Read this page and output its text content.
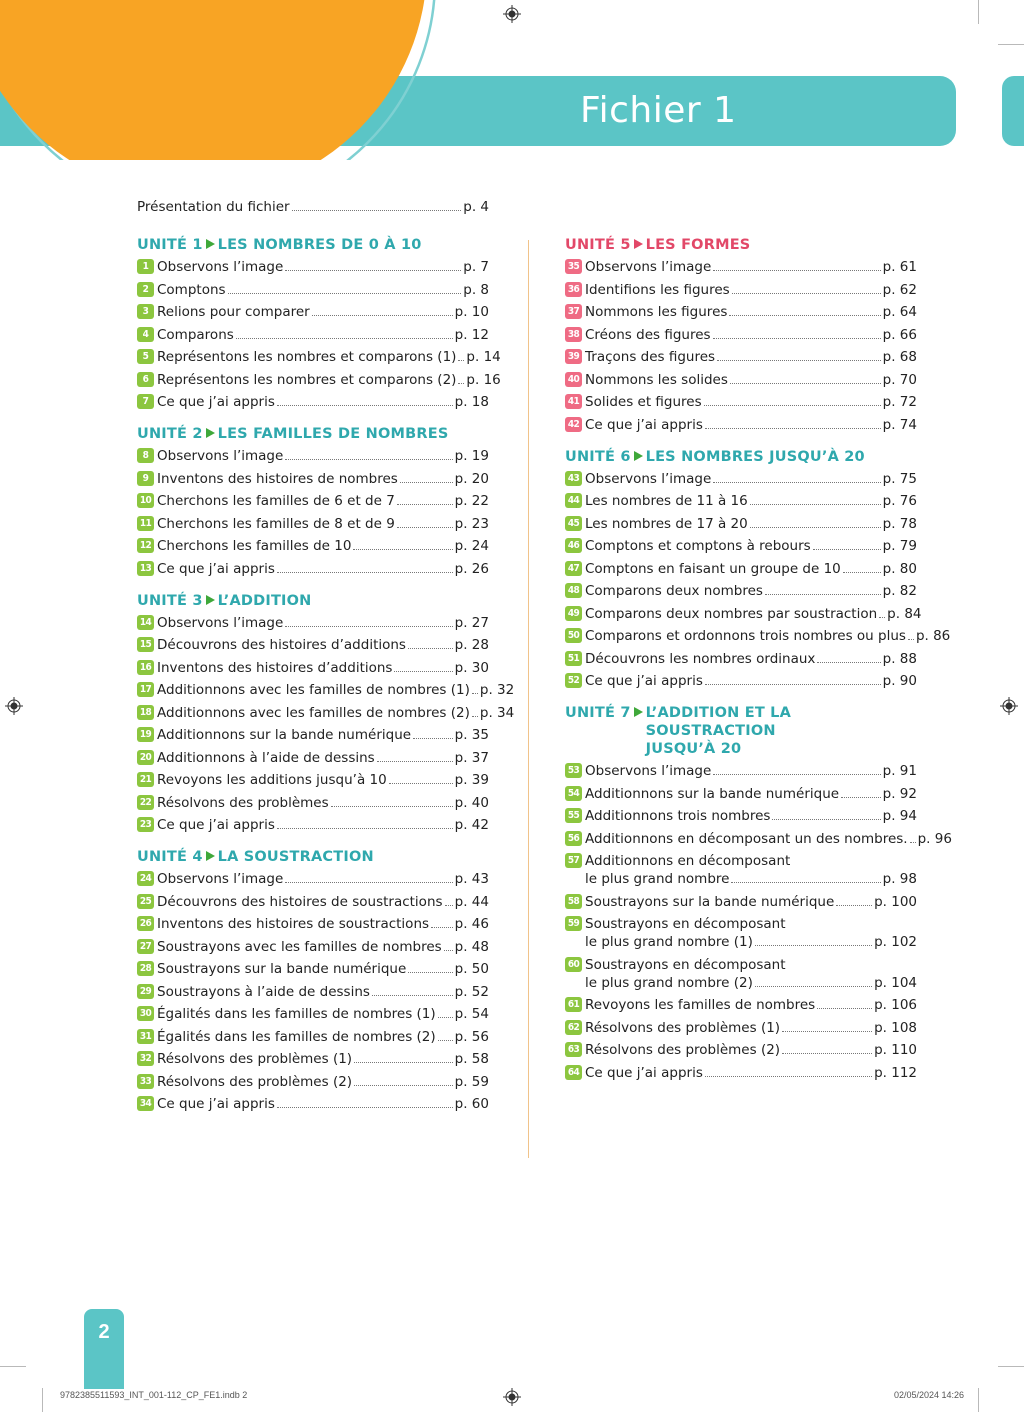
Fichier 1
Présentation du fichier	p. 4
UNITÉ 1 LES NOMBRES DE 0 À 10
1 Observons l’image	p. 7
2 Comptons	p. 8
3 Relions pour comparer	p. 10
4 Comparons	p. 12
5 Représentons les nombres et comparons (1) p. 14
6 Représentons les nombres et comparons (2) p. 16
7 Ce que j’ai appris	p. 18
UNITÉ 2 LES FAMILLES DE NOMBRES
8 Observons l’image	p. 19
9 Inventons des histoires de nombres	p. 20
10 Cherchons les familles de 6 et de 7	p. 22
11 Cherchons les familles de 8 et de 9	p. 23
12 Cherchons les familles de 10	p. 24
13 Ce que j’ai appris	p. 26
UNITÉ 3 L’ADDITION
14 Observons l’image	p. 27
15 Découvrons des histoires d’additions	p. 28
16 Inventons des histoires d’additions	p. 30
17 Additionnons avec les familles de nombres (1) p. 32
18 Additionnons avec les familles de nombres (2) p. 34
19 Additionnons sur la bande numérique	p. 35
20 Additionnons à l’aide de dessins	p. 37
21 Revoyons les additions jusqu’à 10	p. 39
22 Résolvons des problèmes	p. 40
23 Ce que j’ai appris	p. 42
UNITÉ 4 LA SOUSTRACTION
24 Observons l’image	p. 43
25 Découvrons des histoires de soustractions p. 44
26 Inventons des histoires de soustractions p. 46
27 Soustrayons avec les familles de nombres p. 48
28 Soustrayons sur la bande numérique	p. 50
29 Soustrayons à l’aide de dessins	p. 52
30 Égalités dans les familles de nombres (1) p. 54
31 Égalités dans les familles de nombres (2) p. 56
32 Résolvons des problèmes (1)	p. 58
33 Résolvons des problèmes (2)	p. 59
34 Ce que j’ai appris	p. 60
UNITÉ 5 LES FORMES
35 Observons l’image	p. 61
36 Identifions les figures	p. 62
37 Nommons les figures	p. 64
38 Créons des figures	p. 66
39 Traçons des figures	p. 68
40 Nommons les solides	p. 70
41 Solides et figures	p. 72
42 Ce que j’ai appris	p. 74
UNITÉ 6 LES NOMBRES JUSQU’À 20
43 Observons l’image	p. 75
44 Les nombres de 11 à 16	p. 76
45 Les nombres de 17 à 20	p. 78
46 Comptons et comptons à rebours	p. 79
47 Comptons en faisant un groupe de 10	p. 80
48 Comparons deux nombres	p. 82
49 Comparons deux nombres par soustraction p. 84
50 Comparons et ordonnons trois nombres ou plus p. 86
51 Découvrons les nombres ordinaux	p. 88
52 Ce que j’ai appris	p. 90
UNITÉ 7 L’ADDITION ET LA SOUSTRACTION
JUSQU’À 20
53 Observons l’image	p. 91
54 Additionnons sur la bande numérique	p. 92
55 Additionnons trois nombres	p. 94
56 Additionnons en décomposant un des nombres. p. 96
57 Additionnons en décomposant
le plus grand nombre	p. 98
58 Soustrayons sur la bande numérique	p. 100
59 Soustrayons en décomposant
le plus grand nombre (1)	p. 102
60 Soustrayons en décomposant
le plus grand nombre (2)	p. 104
61 Revoyons les familles de nombres	p. 106
62 Résolvons des problèmes (1)	p. 108
63 Résolvons des problèmes (2)	p. 110
64 Ce que j’ai appris	p. 112
2
9782385511593_INT_001-112_CP_FE1.indb 2	02/05/2024 14:26
